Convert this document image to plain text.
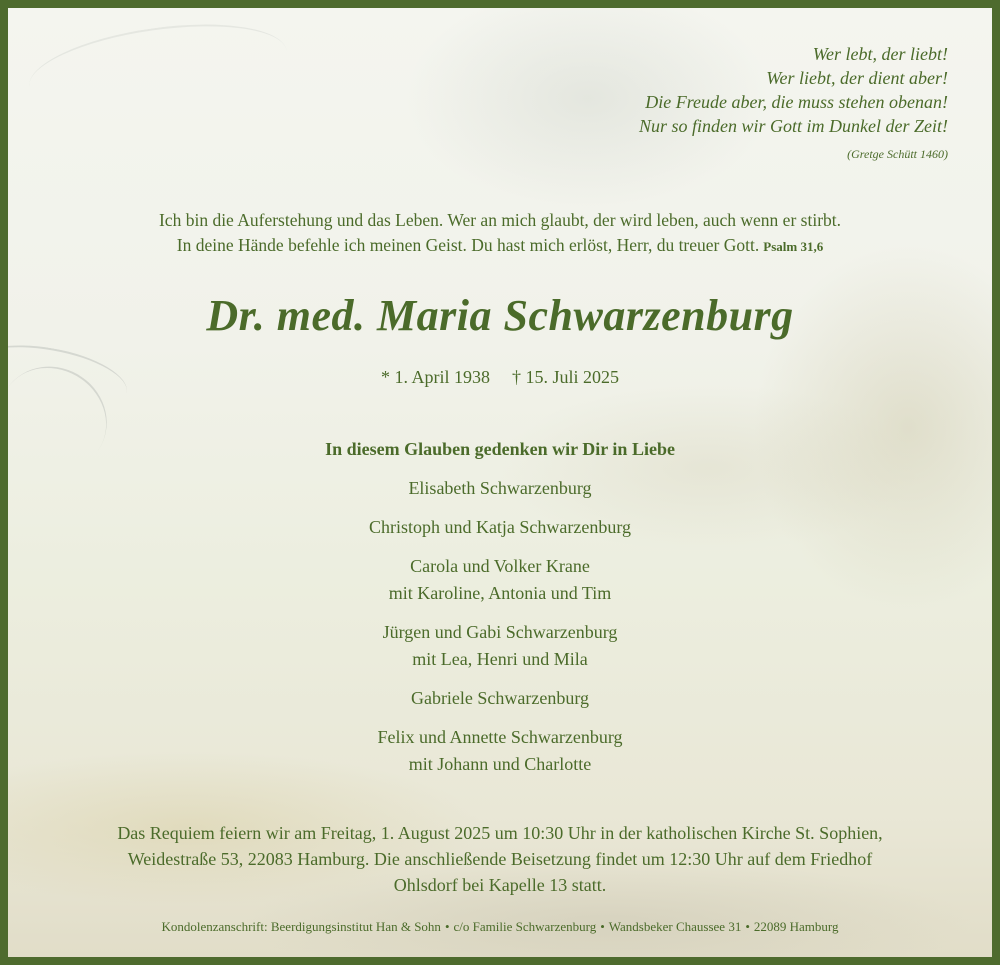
Wer lebt, der liebt!
Wer liebt, der dient aber!
Die Freude aber, die muss stehen obenan!
Nur so finden wir Gott im Dunkel der Zeit!
(Gretge Schütt 1460)
Ich bin die Auferstehung und das Leben. Wer an mich glaubt, der wird leben, auch wenn er stirbt.
In deine Hände befehle ich meinen Geist. Du hast mich erlöst, Herr, du treuer Gott. Psalm 31,6
Dr. med. Maria Schwarzenburg
* 1. April 1938 † 15. Juli 2025
In diesem Glauben gedenken wir Dir in Liebe
Elisabeth Schwarzenburg
Christoph und Katja Schwarzenburg
Carola und Volker Krane
mit Karoline, Antonia und Tim
Jürgen und Gabi Schwarzenburg
mit Lea, Henri und Mila
Gabriele Schwarzenburg
Felix und Annette Schwarzenburg
mit Johann und Charlotte
Das Requiem feiern wir am Freitag, 1. August 2025 um 10:30 Uhr in der katholischen Kirche St. Sophien,
Weidestraße 53, 22083 Hamburg. Die anschließende Beisetzung findet um 12:30 Uhr auf dem Friedhof
Ohlsdorf bei Kapelle 13 statt.
Kondolenzanschrift: Beerdigungsinstitut Han & Sohn • c/o Familie Schwarzenburg • Wandsbeker Chaussee 31 • 22089 Hamburg
